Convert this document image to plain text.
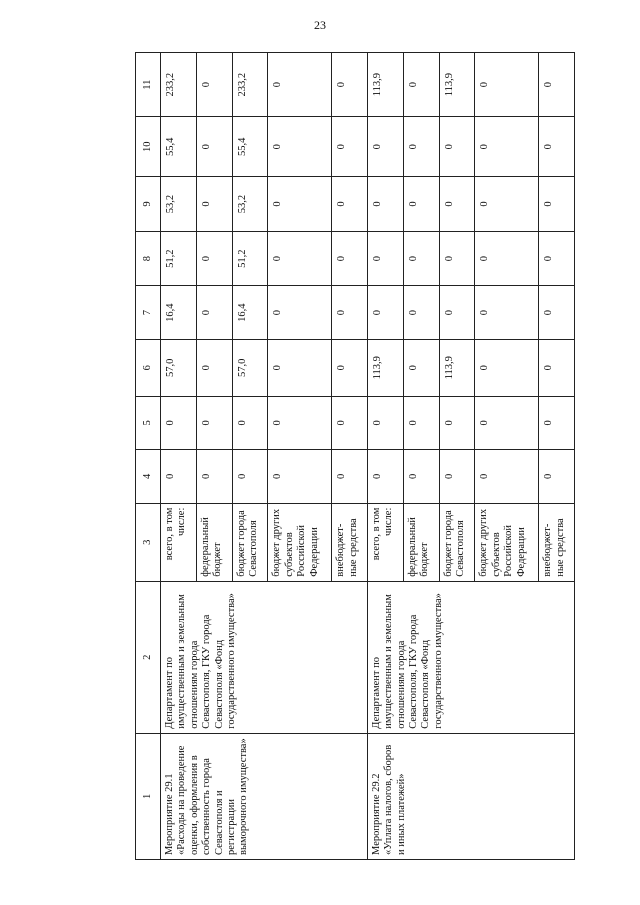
23
1	2	3	4	5	6	7	8	9	10	11
Мероприятие 29.1 «Расходы на проведение оценки, оформления в собственность города Севастополя и регистрации выморочного имущества»	Департамент по имущественным и земельным отношениям города Севастополя, ГКУ города Севастополя «Фонд государственного имущества»	всего, в том числе:	0	0	57,0	16,4	51,2	53,2	55,4	233,2
		федеральный бюджет	0	0	0	0	0	0	0	0
		бюджет города Севастополя	0	0	57,0	16,4	51,2	53,2	55,4	233,2
		бюджет других субъектов Российской Федерации	0	0	0	0	0	0	0	0
		внебюджет-ные средства	0	0	0	0	0	0	0	0
Мероприятие 29.2 «Уплата налогов, сборов и иных платежей»	Департамент по имущественным и земельным отношениям города Севастополя, ГКУ города Севастополя «Фонд государственного имущества»	всего, в том числе:	0	0	113,9	0	0	0	0	113,9
		федеральный бюджет	0	0	0	0	0	0	0	0
		бюджет города Севастополя	0	0	113,9	0	0	0	0	113,9
		бюджет других субъектов Российской Федерации	0	0	0	0	0	0	0	0
		внебюджет-ные средства	0	0	0	0	0	0	0	0
